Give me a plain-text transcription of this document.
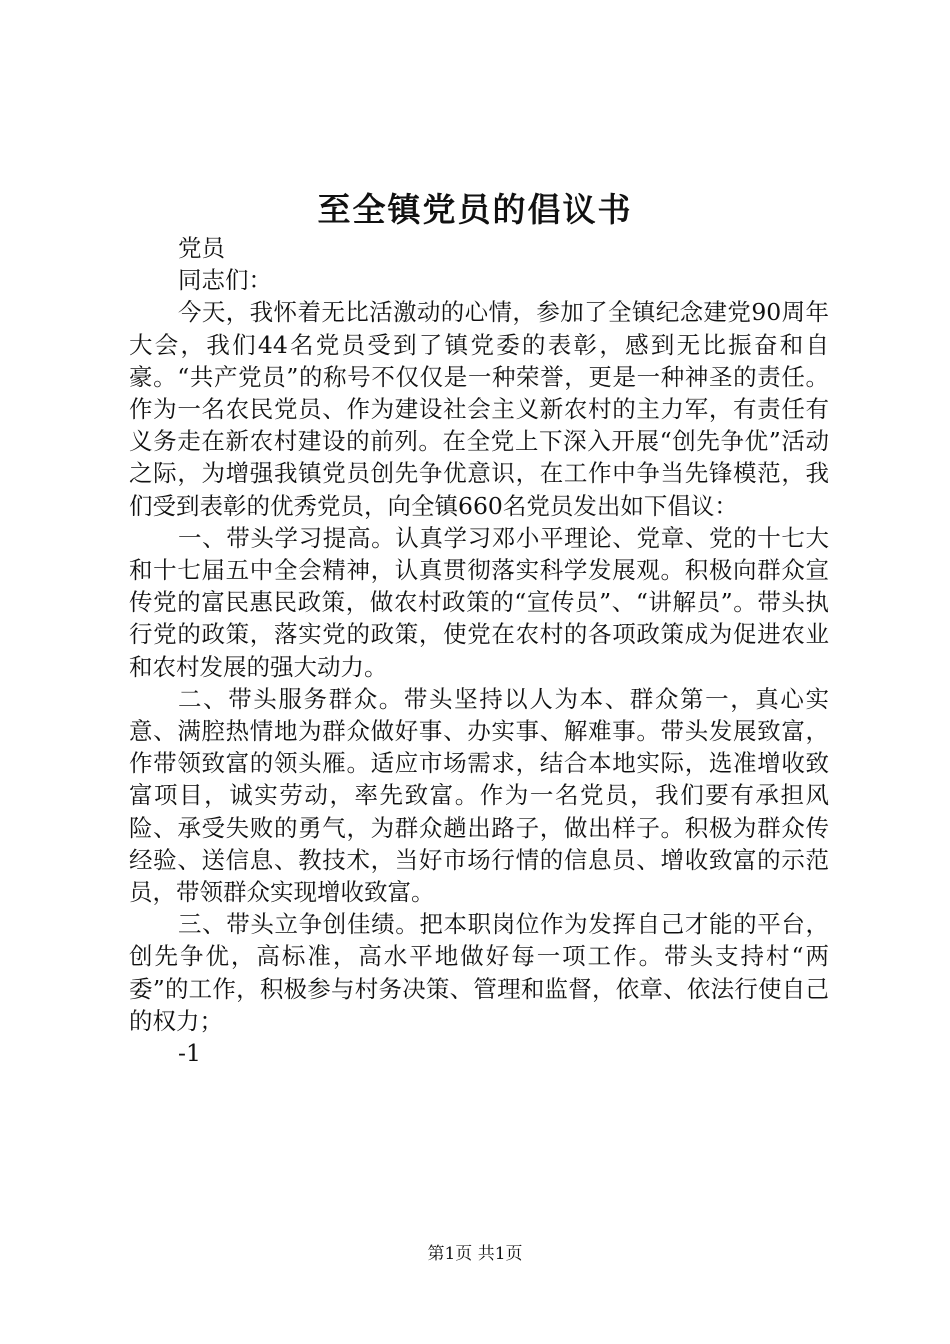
至全镇党员的倡议书

党员

同志们：

今天，我怀着无比活激动的心情，参加了全镇纪念建党90周年大会，我们44名党员受到了镇党委的表彰，感到无比振奋和自豪。“共产党员”的称号不仅仅是一种荣誉，更是一种神圣的责任。作为一名农民党员、作为建设社会主义新农村的主力军，有责任有义务走在新农村建设的前列。在全党上下深入开展“创先争优”活动之际，为增强我镇党员创先争优意识，在工作中争当先锋模范，我们受到表彰的优秀党员，向全镇660名党员发出如下倡议：

一、带头学习提高。认真学习邓小平理论、党章、党的十七大和十七届五中全会精神，认真贯彻落实科学发展观。积极向群众宣传党的富民惠民政策，做农村政策的“宣传员”、“讲解员”。带头执行党的政策，落实党的政策，使党在农村的各项政策成为促进农业和农村发展的强大动力。

二、带头服务群众。带头坚持以人为本、群众第一，真心实意、满腔热情地为群众做好事、办实事、解难事。带头发展致富，作带领致富的领头雁。适应市场需求，结合本地实际，选准增收致富项目，诚实劳动，率先致富。作为一名党员，我们要有承担风险、承受失败的勇气，为群众趟出路子，做出样子。积极为群众传经验、送信息、教技术，当好市场行情的信息员、增收致富的示范员，带领群众实现增收致富。

三、带头立争创佳绩。把本职岗位作为发挥自己才能的平台，创先争优，高标准，高水平地做好每一项工作。带头支持村“两委”的工作，积极参与村务决策、管理和监督，依章、依法行使自己的权力；

-1

第1页 共1页
